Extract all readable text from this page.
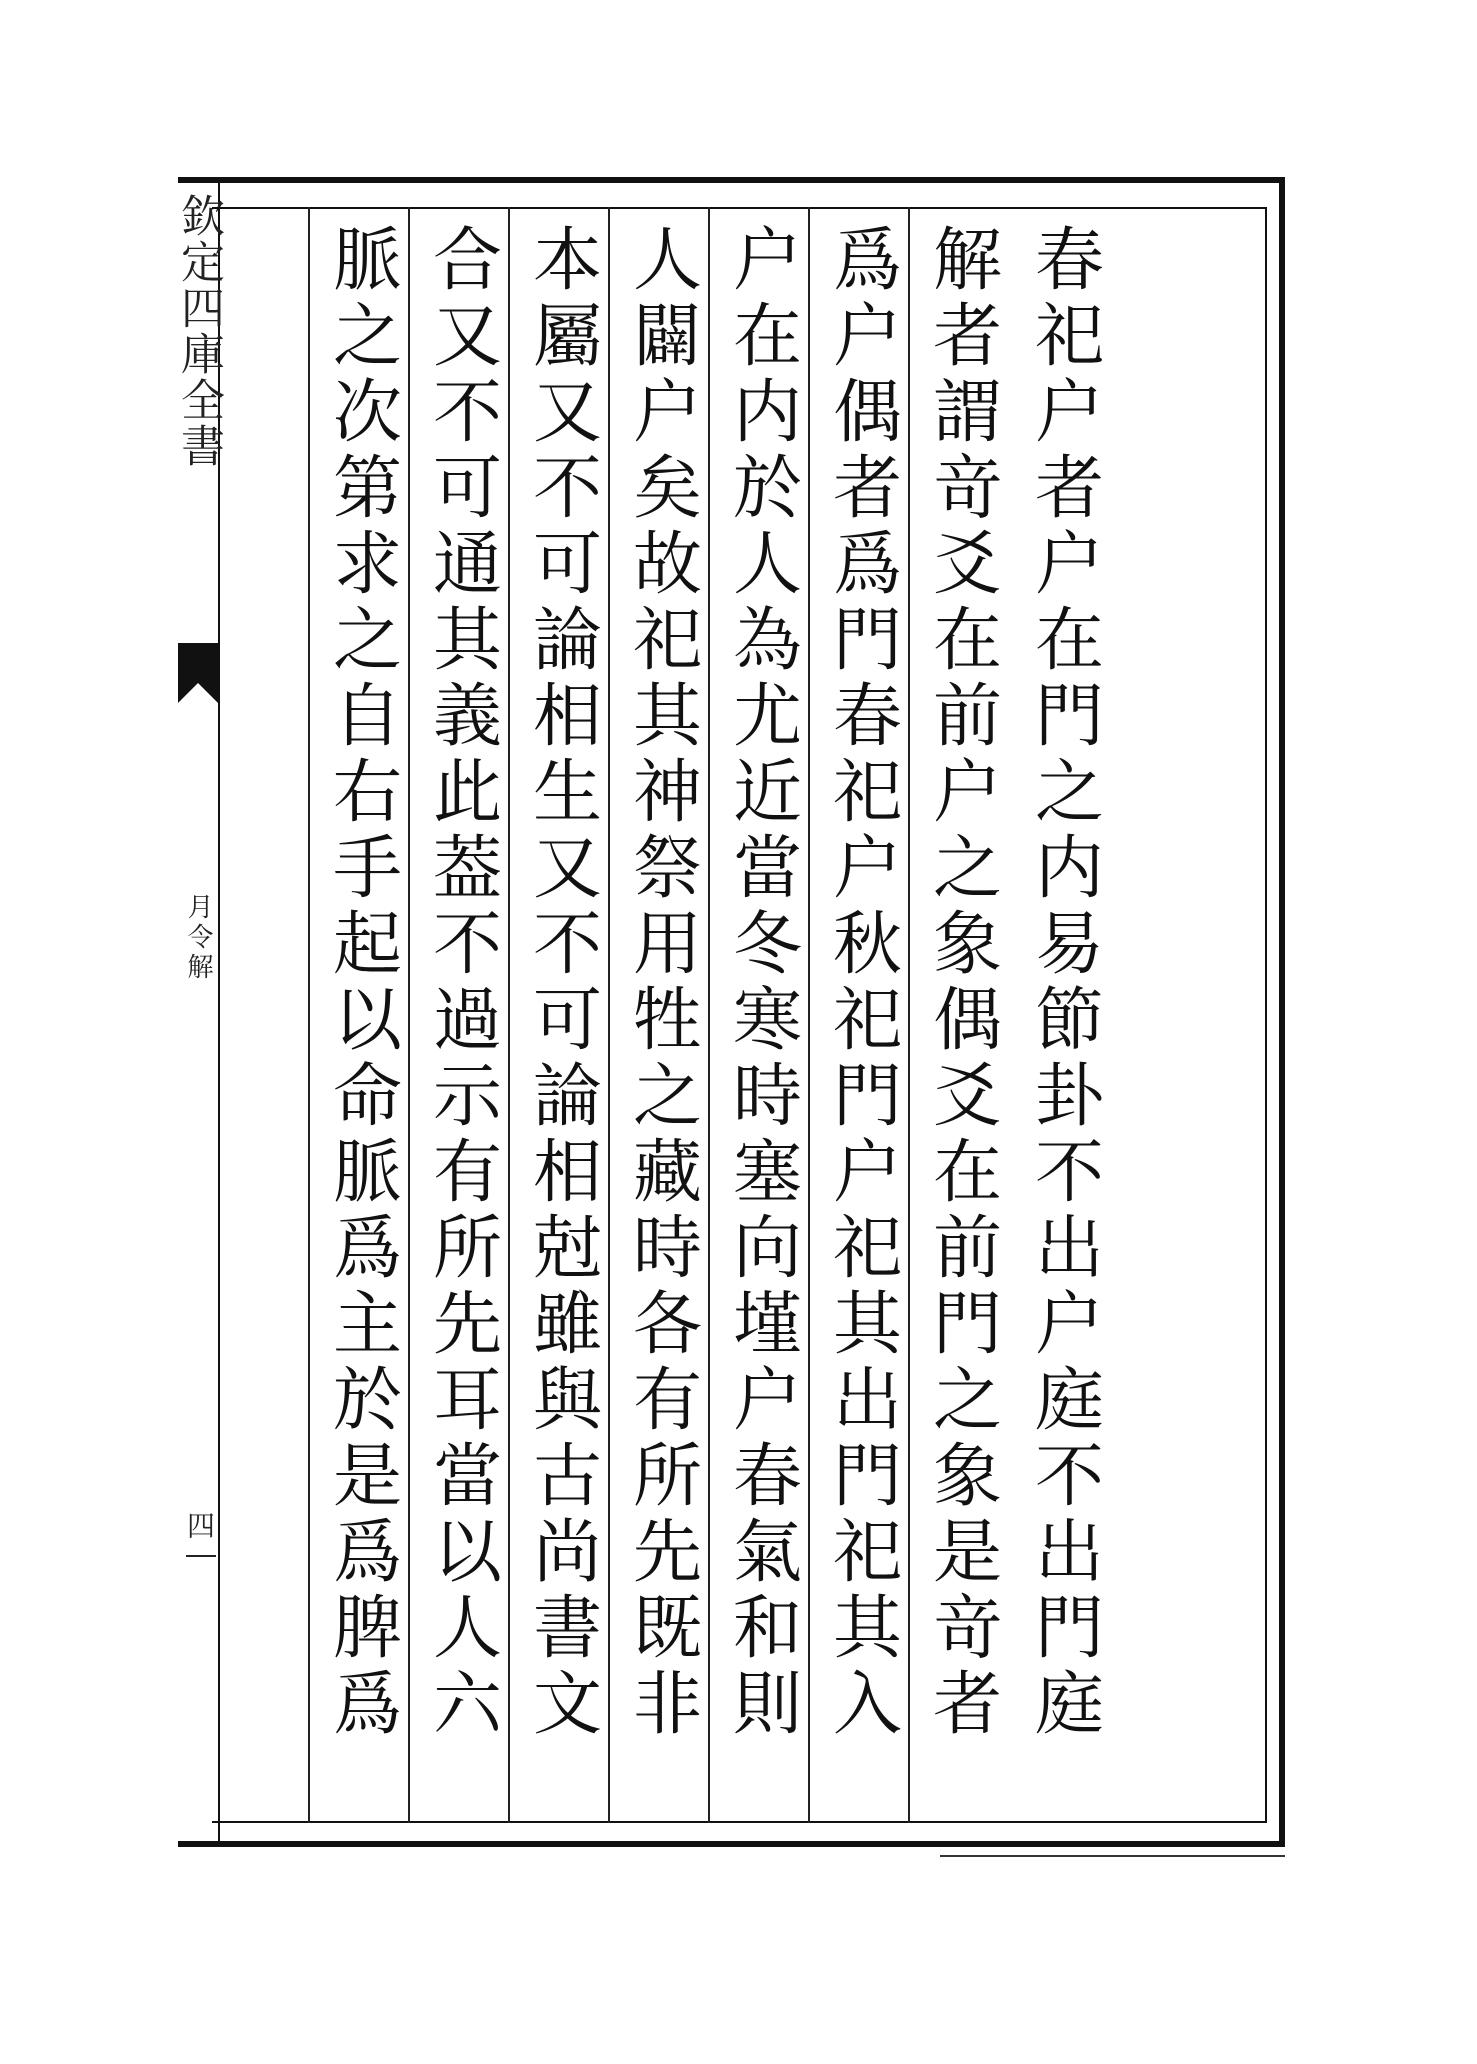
欽定四庫全書
月令解
四	春祀户者户在門之内易節卦不出户庭不出門庭
解者謂竒爻在前户之象偶爻在前門之象是竒者
爲户偶者爲門春祀户秋祀門户祀其出門祀其入
户在内於人為尤近當冬寒時塞向墐户春氣和則
人闢户矣故祀其神祭用牲之藏時各有所先既非
本屬又不可論相生又不可論相尅雖與古尚書文
合又不可通其義此葢不過示有所先耳當以人六
脈之次第求之自右手起以命脈爲主於是爲脾爲
